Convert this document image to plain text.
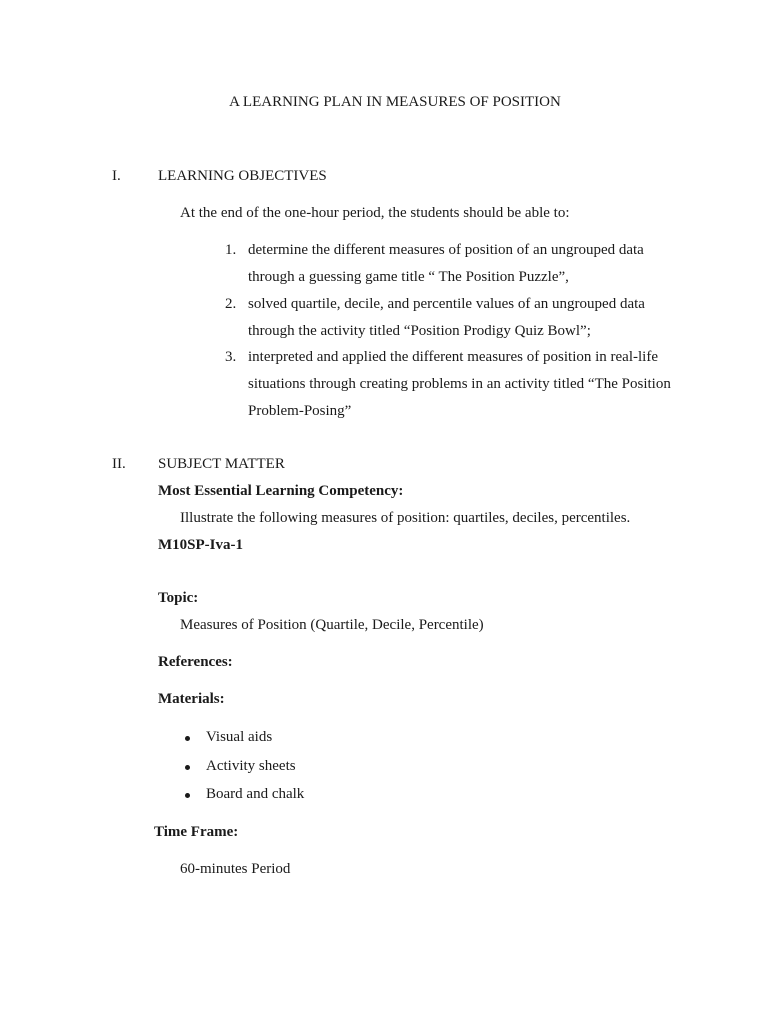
A LEARNING PLAN IN MEASURES OF POSITION
I. LEARNING OBJECTIVES
At the end of the one-hour period, the students should be able to:
1. determine the different measures of position of an ungrouped data
through a guessing game title “ The Position Puzzle”,
2. solved quartile, decile, and percentile values of an ungrouped data
through the activity titled “Position Prodigy Quiz Bowl”;
3. interpreted and applied the different measures of position in real-life
situations through creating problems in an activity titled “The Position
Problem-Posing”
II. SUBJECT MATTER
Most Essential Learning Competency:
Illustrate the following measures of position: quartiles, deciles, percentiles.
M10SP-Iva-1
Topic:
Measures of Position (Quartile, Decile, Percentile)
References:
Materials:
Visual aids
Activity sheets
Board and chalk
Time Frame:
60-minutes Period
